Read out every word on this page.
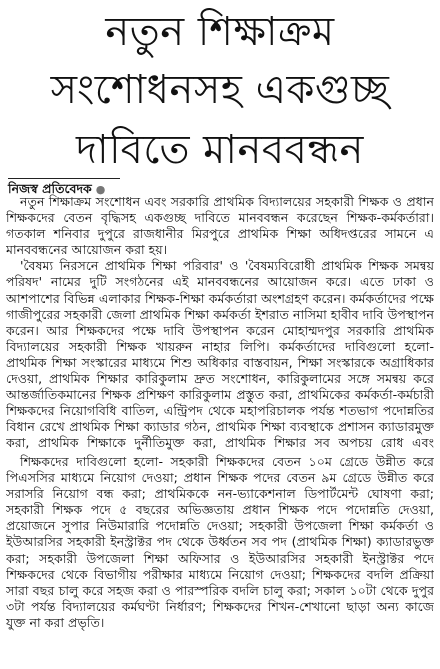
নতুন শিক্ষাক্রম
সংশোধনসহ একগুচ্ছ
দাবিতে মানববন্ধন
নিজস্ব প্রতিবেদক ●

নতুন শিক্ষাক্রম সংশোধন এবং সরকারি প্রাথমিক বিদ্যালয়ের সহকারী শিক্ষক ও প্রধান শিক্ষকদের বেতন বৃদ্ধিসহ একগুচ্ছ দাবিতে মানববন্ধন করেছেন শিক্ষক-কর্মকর্তারা। গতকাল শনিবার দুপুরে রাজধানীর মিরপুরে প্রাথমিক শিক্ষা অধিদপ্তরের সামনে এ মানববন্ধনের আয়োজন করা হয়।

'বৈষম্য নিরসনে প্রাথমিক শিক্ষা পরিবার' ও 'বৈষম্যবিরোধী প্রাথমিক শিক্ষক সমন্বয় পরিষদ' নামের দুটি সংগঠনের এই মানববন্ধনের আয়োজন করে। এতে ঢাকা ও আশপাশের বিভিন্ন এলাকার শিক্ষক-শিক্ষা কর্মকর্তারা অংশগ্রহণ করেন। কর্মকর্তাদের পক্ষে গাজীপুরের সহকারী জেলা প্রাথমিক শিক্ষা কর্মকর্তা ইশরাত নাসিমা হাবীব দাবি উপস্থাপন করেন। আর শিক্ষকদের পক্ষে দাবি উপস্থাপন করেন মোহাম্মদপুর সরকারি প্রাথমিক বিদ্যালয়ের সহকারী শিক্ষক খায়রুন নাহার লিপি। কর্মকর্তাদের দাবিগুলো হলো- প্রাথমিক শিক্ষা সংস্কারের মাধ্যমে শিশু অধিকার বাস্তবায়ন, শিক্ষা সংস্কারকে অগ্রাধিকার দেওয়া, প্রাথমিক শিক্ষার কারিকুলাম দ্রুত সংশোধন, কারিকুলামের সঙ্গে সমন্বয় করে আন্তর্জাতিকমানের শিক্ষক প্রশিক্ষণ কারিকুলাম প্রস্তুত করা, প্রাথমিকের কর্মকর্তা-কর্মচারী শিক্ষকদের নিয়োগবিধি বাতিল, এন্ট্রিপদ থেকে মহাপরিচালক পর্যন্ত শতভাগ পদোন্নতির বিধান রেখে প্রাথমিক শিক্ষা ক্যাডার গঠন, প্রাথমিক শিক্ষা ব্যবস্থাকে প্রশাসন ক্যাডারমুক্ত করা, প্রাথমিক শিক্ষাকে দুর্নীতিমুক্ত করা, প্রাথমিক শিক্ষার সব অপচয় রোধ এবং

শিক্ষকদের দাবিগুলো হলো- সহকারী শিক্ষকদের বেতন ১০ম গ্রেডে উন্নীত করে পিএসসির মাধ্যমে নিয়োগ দেওয়া; প্রধান শিক্ষক পদের বেতন ৯ম গ্রেডে উন্নীত করে সরাসরি নিয়োগ বন্ধ করা; প্রাথমিককে নন-ভ্যাকেশনাল ডিপার্টমেন্ট ঘোষণা করা; সহকারী শিক্ষক পদে ৫ বছরের অভিজ্ঞতায় প্রধান শিক্ষক পদে পদোন্নতি দেওয়া, প্রয়োজনে সুপার নিউমারারি পদোন্নতি দেওয়া; সহকারী উপজেলা শিক্ষা কর্মকর্তা ও ইউআরসির সহকারী ইনস্ট্রাক্টর পদ থেকে উর্ধ্বতন সব পদ (প্রাথমিক শিক্ষা) ক্যাডারভুক্ত করা; সহকারী উপজেলা শিক্ষা অফিসার ও ইউআরসির সহকারী ইনস্ট্রাক্টর পদে শিক্ষকদের থেকে বিভাগীয় পরীক্ষার মাধ্যমে নিয়োগ দেওয়া; শিক্ষকদের বদলি প্রক্রিয়া সারা বছর চালু করে সহজ করা ও পারস্পরিক বদলি চালু করা; সকাল ১০টা থেকে দুপুর ৩টা পর্যন্ত বিদ্যালয়ের কর্মঘণ্টা নির্ধারণ; শিক্ষকদের শিখন-শেখানো ছাড়া অন্য কাজে যুক্ত না করা প্রভৃতি।
